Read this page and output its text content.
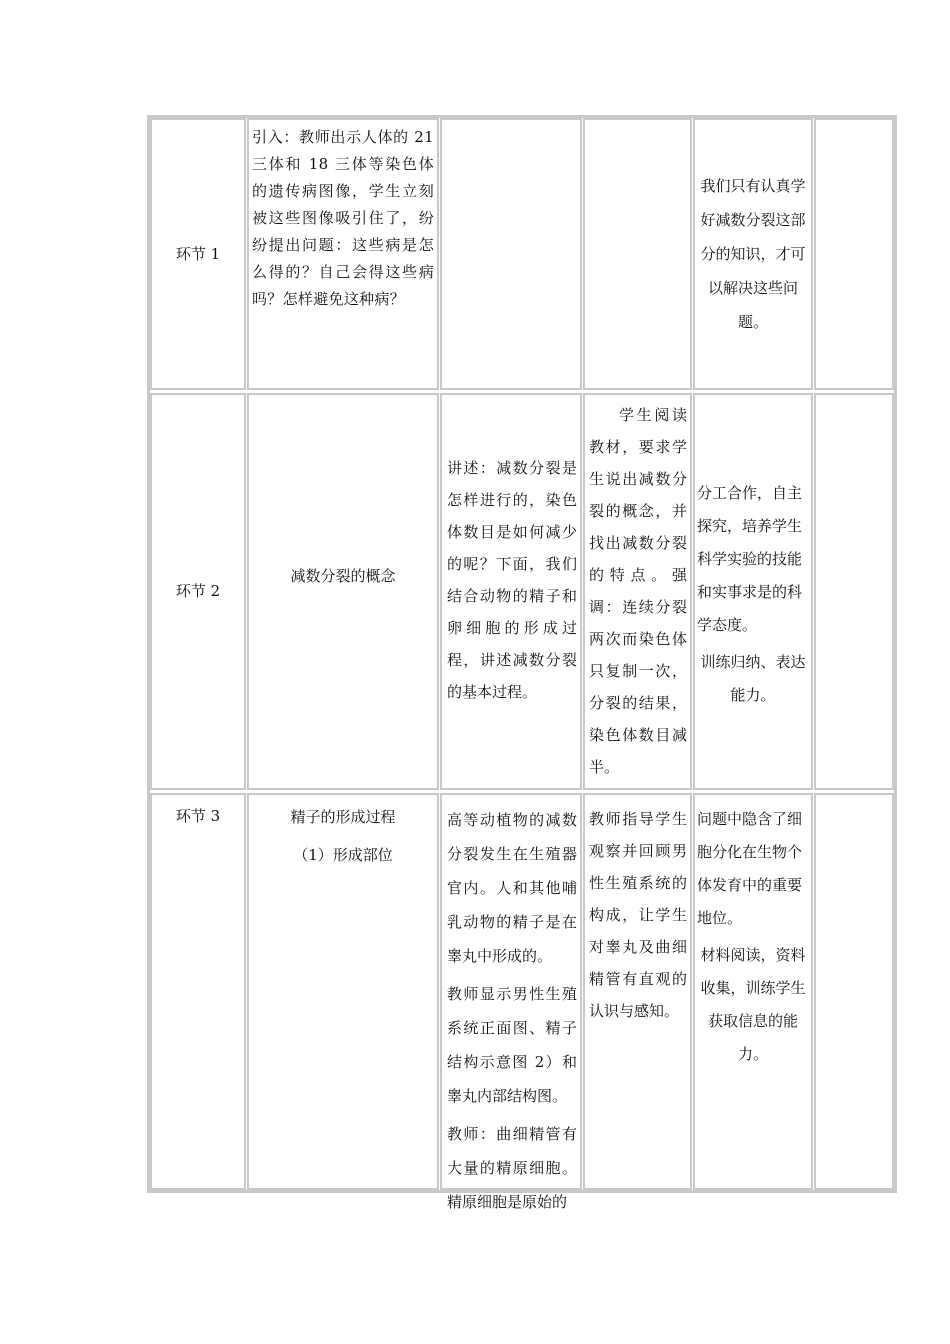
环节 1

引入：教师出示人体的 21 三体和 18 三体等染色体的遗传病图像，学生立刻被这些图像吸引住了，纷纷提出问题：这些病是怎么得的？自己会得这些病吗？怎样避免这种病？

我们只有认真学好减数分裂这部分的知识，才可以解决这些问题。

环节 2
减数分裂的概念

讲述：减数分裂是怎样进行的，染色体数目是如何减少的呢？下面，我们结合动物的精子和卵细胞的形成过程，讲述减数分裂的基本过程。

学生阅读教材，要求学生说出减数分裂的概念，并找出减数分裂的特点。强调：连续分裂两次而染色体只复制一次，分裂的结果，染色体数目减半。

分工合作，自主探究，培养学生科学实验的技能和实事求是的科学态度。

训练归纳、表达能力。

环节 3	精子的形成过程

（1）形成部位

高等动植物的减数分裂发生在生殖器官内。人和其他哺乳动物的精子是在睾丸中形成的。

教师显示男性生殖系统正面图、精子结构示意图 2）和睾丸内部结构图。

教师：曲细精管有大量的精原细胞。精原细胞是原始的

教师指导学生观察并回顾男性生殖系统的构成，让学生对睾丸及曲细精管有直观的认识与感知。

问题中隐含了细胞分化在生物个体发育中的重要地位。

材料阅读，资料收集，训练学生获取信息的能力。
